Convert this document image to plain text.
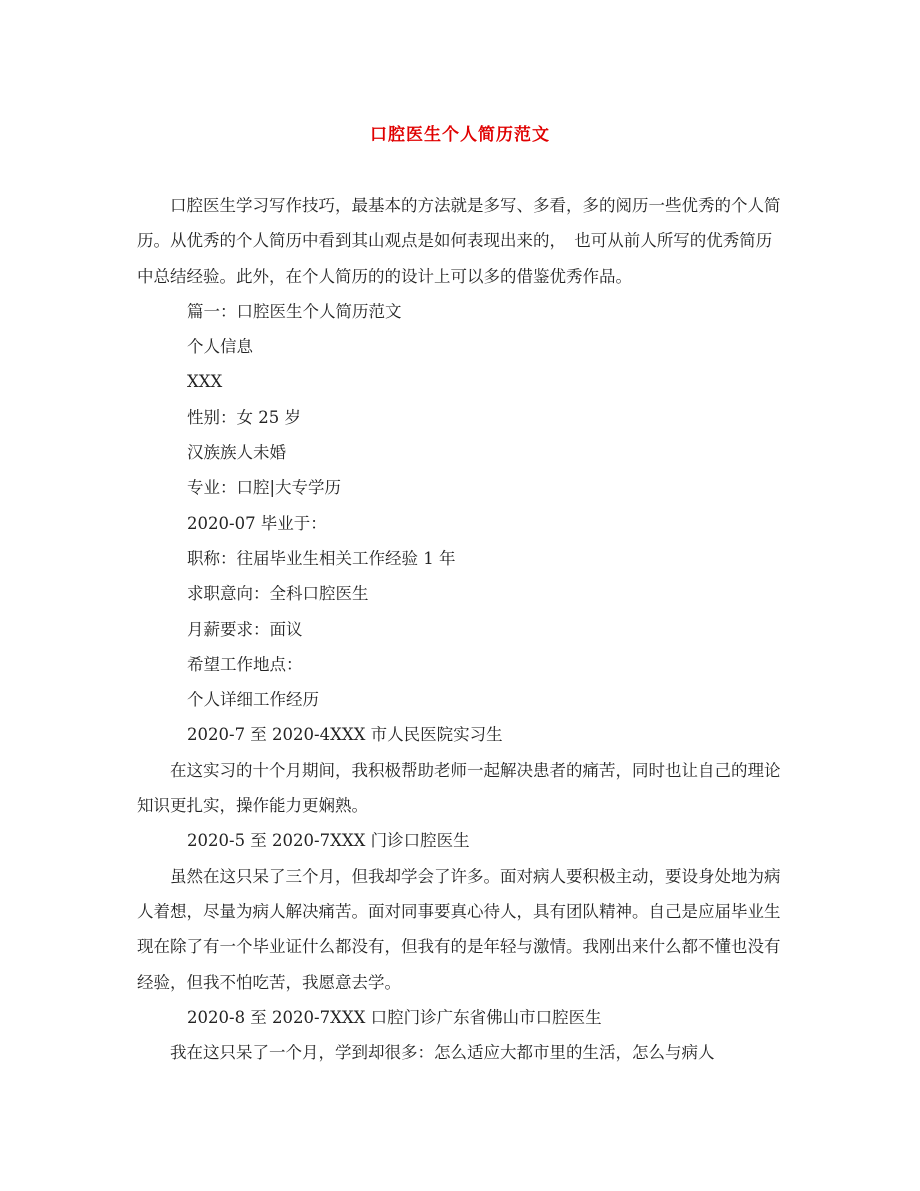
口腔医生个人简历范文

口腔医生学习写作技巧，最基本的方法就是多写、多看，多的阅历一些优秀的个人简历。从优秀的个人简历中看到其山观点是如何表现出来的，　也可从前人所写的优秀简历中总结经验。此外，在个人简历的的设计上可以多的借鉴优秀作品。

篇一：口腔医生个人简历范文

个人信息

XXX

性别：女 25 岁

汉族族人未婚

专业：口腔|大专学历

2020-07 毕业于：

职称：往届毕业生相关工作经验 1 年

求职意向：全科口腔医生

月薪要求：面议

希望工作地点：

个人详细工作经历

2020-7 至 2020-4XXX 市人民医院实习生

在这实习的十个月期间，我积极帮助老师一起解决患者的痛苦，同时也让自己的理论知识更扎实，操作能力更娴熟。

2020-5 至 2020-7XXX 门诊口腔医生

虽然在这只呆了三个月，但我却学会了许多。面对病人要积极主动，要设身处地为病人着想，尽量为病人解决痛苦。面对同事要真心待人，具有团队精神。自己是应届毕业生现在除了有一个毕业证什么都没有，但我有的是年轻与激情。我刚出来什么都不懂也没有经验，但我不怕吃苦，我愿意去学。

2020-8 至 2020-7XXX 口腔门诊广东省佛山市口腔医生

我在这只呆了一个月，学到却很多：怎么适应大都市里的生活，怎么与病人
